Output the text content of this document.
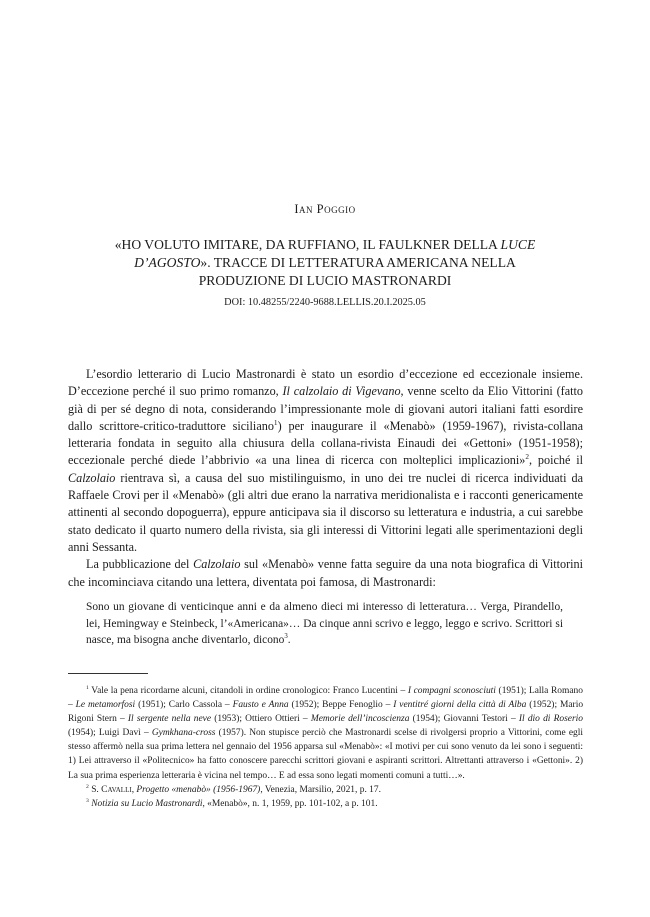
Ian Poggio
«HO VOLUTO IMITARE, DA RUFFIANO, IL FAULKNER DELLA LUCE D’AGOSTO». TRACCE DI LETTERATURA AMERICANA NELLA PRODUZIONE DI LUCIO MASTRONARDI
DOI: 10.48255/2240-9688.LELLIS.20.I.2025.05

L’esordio letterario di Lucio Mastronardi è stato un esordio d’eccezione ed eccezionale insieme. D’eccezione perché il suo primo romanzo, Il calzolaio di Vigevano, venne scelto da Elio Vittorini (fatto già di per sé degno di nota, considerando l’impressionante mole di giovani autori italiani fatti esordire dallo scrittore-critico-traduttore siciliano$^1$) per inaugurare il «Menabò» (1959-1967), rivista-collana letteraria fondata in seguito alla chiusura della collana-rivista Einaudi dei «Gettoni» (1951-1958); eccezionale perché diede l’abbrivio «a una linea di ricerca con molteplici implicazioni»$^2$, poiché il Calzolaio rientrava sì, a causa del suo mistilinguismo, in uno dei tre nuclei di ricerca individuati da Raffaele Crovi per il «Menabò» (gli altri due erano la narrativa meridionalista e i racconti genericamente attinenti al secondo dopoguerra), eppure anticipava sia il discorso su letteratura e industria, a cui sarebbe stato dedicato il quarto numero della rivista, sia gli interessi di Vittorini legati alle sperimentazioni degli anni Sessanta.

La pubblicazione del Calzolaio sul «Menabò» venne fatta seguire da una nota biografica di Vittorini che incominciava citando una lettera, diventata poi famosa, di Mastronardi:

Sono un giovane di venticinque anni e da almeno dieci mi interesso di letteratura… Verga, Pirandello, lei, Hemingway e Steinbeck, l’«Americana»… Da cinque anni scrivo e leggo, leggo e scrivo. Scrittori si nasce, ma bisogna anche diventarlo, dicono$^3$.

$^1$ Vale la pena ricordarne alcuni, citandoli in ordine cronologico: Franco Lucentini – I compagni sconosciuti (1951); Lalla Romano – Le metamorfosi (1951); Carlo Cassola – Fausto e Anna (1952); Beppe Fenoglio – I ventitré giorni della città di Alba (1952); Mario Rigoni Stern – Il sergente nella neve (1953); Ottiero Ottieri – Memorie dell’incoscienza (1954); Giovanni Testori – Il dio di Roserio (1954); Luigi Davì – Gymkhana-cross (1957). Non stupisce perciò che Mastronardi scelse di rivolgersi proprio a Vittorini, come egli stesso affermò nella sua prima lettera nel gennaio del 1956 apparsa sul «Menabò»: «I motivi per cui sono venuto da lei sono i seguenti: 1) Lei attraverso il «Politecnico» ha fatto conoscere parecchi scrittori giovani e aspiranti scrittori. Altrettanti attraverso i «Gettoni». 2) La sua prima esperienza letteraria è vicina nel tempo… E ad essa sono legati momenti comuni a tutti…».

$^2$ S. Cavalli, Progetto «menabò» (1956-1967), Venezia, Marsilio, 2021, p. 17.

$^3$ Notizia su Lucio Mastronardi, «Menabò», n. 1, 1959, pp. 101-102, a p. 101.
